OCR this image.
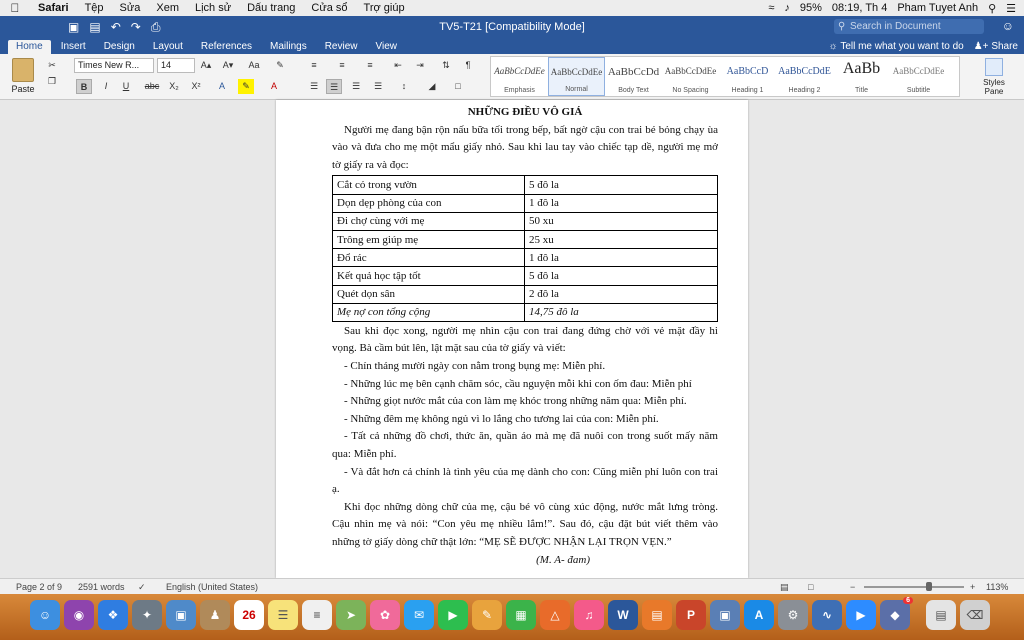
Safari	Tệp	Sửa	Xem	Lịch sử	Dấu trang	Cửa sổ	Trợ giúp	≈ ♪ 95% 08:19, Th 4 Pham Tuyet Anh ⚲ ☰
▣ ▤ ↶ ↷ ⎙	TV5-T21 [Compatibility Mode]	⚲ Search in Document	☺
Home	Insert	Design	Layout	References	Mailings	Review	View	☼ Tell me what you want to do	♟+ Share
Paste
✂
❐
Times New R...	14	A▴	A▾	Aa	✎
B	I	U	abc	X₂	X²	A	✎	A
≡	≡	≡	⇤	⇥	⇅	¶
☰	☰	☰	☰	↕	◢	□
AaBbCcDdEe
Emphasis
AaBbCcDdEe
Normal
AaBbCcDd
Body Text
AaBbCcDdEe
No Spacing
AaBbCcD
Heading 1
AaBbCcDdE
Heading 2
AaBb
Title
AaBbCcDdEe
Subtitle
Styles Pane
NHỮNG ĐIỀU VÔ GIÁ

Người mẹ đang bận rộn nấu bữa tối trong bếp, bất ngờ cậu con trai bé bỏng chạy ùa vào và đưa cho mẹ một mẩu giấy nhỏ. Sau khi lau tay vào chiếc tạp dề, người mẹ mở tờ giấy ra và đọc:

Cắt cỏ trong vườn	5 đô la
Dọn dẹp phòng của con	1 đô la
Đi chợ cùng với mẹ	50 xu
Trông em giúp mẹ	25 xu
Đổ rác	1 đô la
Kết quả học tập tốt	5 đô la
Quét dọn sân	2 đô la
Mẹ nợ con tổng cộng	14,75 đô la

Sau khi đọc xong, người mẹ nhìn cậu con trai đang đứng chờ với vẻ mặt đầy hi vọng. Bà cầm bút lên, lật mặt sau của tờ giấy và viết:

- Chín tháng mười ngày con nằm trong bụng mẹ: Miễn phí.

- Những lúc mẹ bên cạnh chăm sóc, cầu nguyện mỗi khi con ốm đau: Miễn phí

- Những giọt nước mắt của con làm mẹ khóc trong những năm qua: Miễn phí.

- Những đêm mẹ không ngủ vì lo lắng cho tương lai của con: Miễn phí.

- Tất cả những đồ chơi, thức ăn, quần áo mà mẹ đã nuôi con trong suốt mấy năm qua: Miễn phí.

- Và đắt hơn cả chính là tình yêu của mẹ dành cho con: Cũng miễn phí luôn con trai ạ.

Khi đọc những dòng chữ của mẹ, cậu bé vô cùng xúc động, nước mắt lưng tròng. Cậu nhìn mẹ và nói: “Con yêu mẹ nhiều lắm!”. Sau đó, cậu đặt bút viết thêm vào những tờ giấy dòng chữ thật lớn: “MẸ SẼ ĐƯỢC NHẬN LẠI TRỌN VẸN.”

(M. A- đam)
Page 2 of 9 2591 words ✓ English (United States)	▤ □	−	+ 113%
☺	◉	❖	✦	▣	♟	26	☰	≡	➤	✿	✉	▶	✎	▦	△	♫	W	▤	P	▣	A	⚙	∿	▶	◆
6
▤	⌫
